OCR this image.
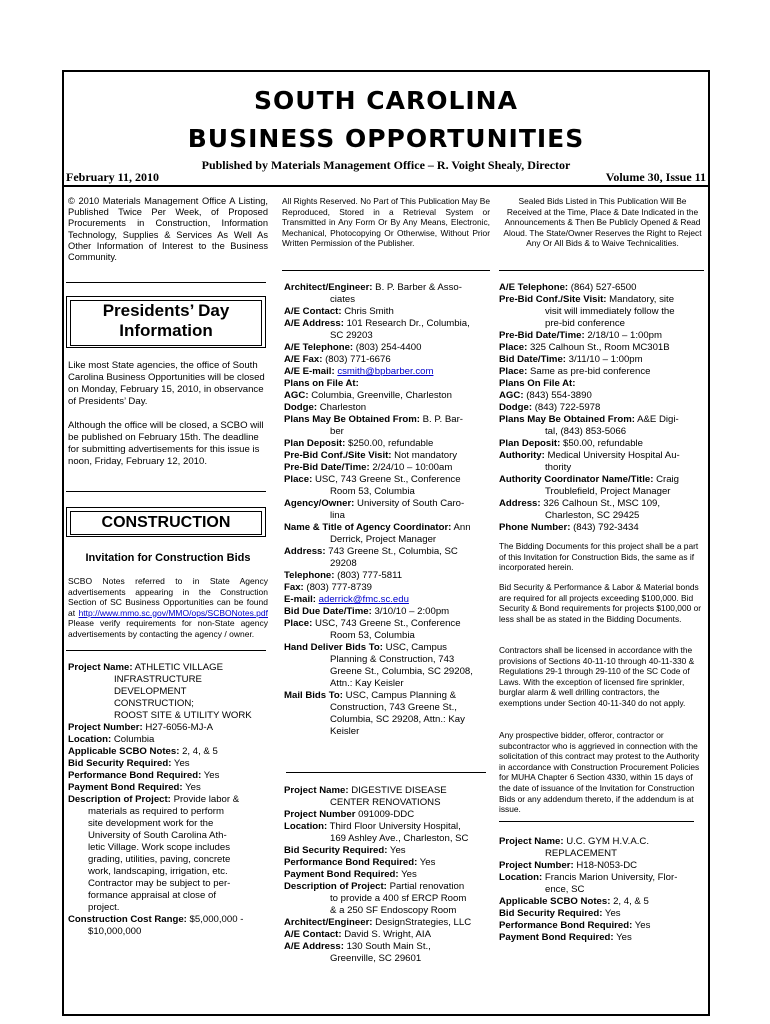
SOUTH CAROLINA
BUSINESS OPPORTUNITIES
Published by Materials Management Office – R. Voight Shealy, Director
February 11, 2010	Volume 30, Issue 11
© 2010 Materials Management Office A Listing, Published Twice Per Week, of Proposed Procurements in Construction, Information Technology, Supplies & Services As Well As Other Information of Interest to the Business Community.
All Rights Reserved. No Part of This Publication May Be Reproduced, Stored in a Retrieval System or Transmitted in Any Form Or By Any Means, Electronic, Mechanical, Photocopying Or Otherwise, Without Prior Written Permission of the Publisher.
Sealed Bids Listed in This Publication Will Be Received at the Time, Place & Date Indicated in the Announcements & Then Be Publicly Opened & Read Aloud. The State/Owner Reserves the Right to Reject Any Or All Bids & to Waive Technicalities.
Presidents’ Day
Information
Like most State agencies, the office of South Carolina Business Opportunities will be closed on Monday, February 15, 2010, in observance of Presidents’ Day.
Although the office will be closed, a SCBO will be published on February 15th. The deadline for submitting advertisements for this issue is noon, Friday, February 12, 2010.
CONSTRUCTION
Invitation for Construction Bids
SCBO Notes referred to in State Agency advertisements appearing in the Construction Section of SC Business Opportunities can be found at http://www.mmo.sc.gov/MMO/ops/SCBONotes.pdf Please verify requirements for non-State agency advertisements by contacting the agency / owner.

Project Name: ATHLETIC VILLAGE

INFRASTRUCTURE
DEVELOPMENT
CONSTRUCTION;
ROOST SITE & UTILITY WORK

Project Number: H27-6056-MJ-A

Location: Columbia

Applicable SCBO Notes: 2, 4, & 5

Bid Security Required: Yes

Performance Bond Required: Yes

Payment Bond Required: Yes

Description of Project: Provide labor &

materials as required to perform
site development work for the
University of South Carolina Ath-
letic Village. Work scope includes
grading, utilities, paving, concrete
work, landscaping, irrigation, etc.
Contractor may be subject to per-
formance appraisal at close of
project.

Construction Cost Range: $5,000,000 -

$10,000,000

Architect/Engineer: B. P. Barber & Asso-

ciates

A/E Contact: Chris Smith

A/E Address: 101 Research Dr., Columbia,

SC 29203

A/E Telephone: (803) 254-4400

A/E Fax: (803) 771-6676

A/E E-mail: csmith@bpbarber.com

Plans on File At:

AGC: Columbia, Greenville, Charleston

Dodge: Charleston

Plans May Be Obtained From: B. P. Bar-

ber

Plan Deposit: $250.00, refundable

Pre-Bid Conf./Site Visit: Not mandatory

Pre-Bid Date/Time: 2/24/10 – 10:00am

Place: USC, 743 Greene St., Conference

Room 53, Columbia

Agency/Owner: University of South Caro-

lina

Name & Title of Agency Coordinator: Ann

Derrick, Project Manager

Address: 743 Greene St., Columbia, SC

29208

Telephone: (803) 777-5811

Fax: (803) 777-8739

E-mail: aderrick@fmc.sc.edu

Bid Due Date/Time: 3/10/10 – 2:00pm

Place: USC, 743 Greene St., Conference

Room 53, Columbia

Hand Deliver Bids To: USC, Campus

Planning & Construction, 743
Greene St., Columbia, SC 29208,
Attn.: Kay Keisler

Mail Bids To: USC, Campus Planning &

Construction, 743 Greene St.,
Columbia, SC 29208, Attn.: Kay
Keisler

Project Name: DIGESTIVE DISEASE

CENTER RENOVATIONS

Project Number 091009-DDC

Location: Third Floor University Hospital,

169 Ashley Ave., Charleston, SC

Bid Security Required: Yes

Performance Bond Required: Yes

Payment Bond Required: Yes

Description of Project: Partial renovation

to provide a 400 sf ERCP Room
& a 250 SF Endoscopy Room

Architect/Engineer: DesignStrategies, LLC

A/E Contact: David S. Wright, AIA

A/E Address: 130 South Main St.,

Greenville, SC 29601

A/E Telephone: (864) 527-6500

Pre-Bid Conf./Site Visit: Mandatory, site

visit will immediately follow the
pre-bid conference

Pre-Bid Date/Time: 2/18/10 – 1:00pm

Place: 325 Calhoun St., Room MC301B

Bid Date/Time: 3/11/10 – 1:00pm

Place: Same as pre-bid conference

Plans On File At:

AGC: (843) 554-3890

Dodge: (843) 722-5978

Plans May Be Obtained From: A&E Digi-

tal, (843) 853-5066

Plan Deposit: $50.00, refundable

Authority: Medical University Hospital Au-

thority

Authority Coordinator Name/Title: Craig

Troublefield, Project Manager

Address: 326 Calhoun St., MSC 109,

Charleston, SC 29425

Phone Number: (843) 792-3434

The Bidding Documents for this project shall be a part of this Invitation for Construction Bids, the same as if incorporated herein.
Bid Security & Performance & Labor & Material bonds are required for all projects exceeding $100,000. Bid Security & Bond requirements for projects $100,000 or less shall be as stated in the Bidding Documents.
Contractors shall be licensed in accordance with the provisions of Sections 40-11-10 through 40-11-330 & Regulations 29-1 through 29-110 of the SC Code of Laws. With the exception of licensed fire sprinkler, burglar alarm & well drilling contractors, the exemptions under Section 40-11-340 do not apply.
Any prospective bidder, offeror, contractor or subcontractor who is aggrieved in connection with the solicitation of this contract may protest to the Authority in accordance with Construction Procurement Policies for MUHA Chapter 6 Section 4330, within 15 days of the date of issuance of the Invitation for Construction Bids or any addendum thereto, if the addendum is at issue.

Project Name: U.C. GYM H.V.A.C.

REPLACEMENT

Project Number: H18-N053-DC

Location: Francis Marion University, Flor-

ence, SC

Applicable SCBO Notes: 2, 4, & 5

Bid Security Required: Yes

Performance Bond Required: Yes

Payment Bond Required: Yes
